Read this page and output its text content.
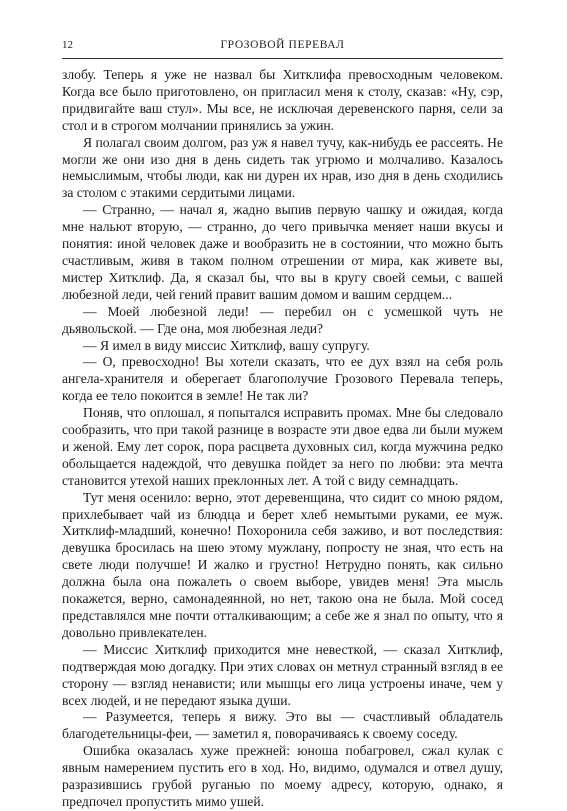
12	ГРОЗОВОЙ ПЕРЕВАЛ

злобу. Теперь я уже не назвал бы Хитклифа превосходным человеком. Когда все было приготовлено, он пригласил меня к столу, сказав: «Ну, сэр, придвигайте ваш стул». Мы все, не исключая деревенского парня, сели за стол и в строгом молчании принялись за ужин.

Я полагал своим долгом, раз уж я навел тучу, как-нибудь ее рассеять. Не могли же они изо дня в день сидеть так угрюмо и молчаливо. Казалось немыслимым, чтобы люди, как ни дурен их нрав, изо дня в день сходились за столом с этакими сердитыми лицами.

— Странно, — начал я, жадно выпив первую чашку и ожидая, когда мне нальют вторую, — странно, до чего привычка меняет наши вкусы и понятия: иной человек даже и вообразить не в состоянии, что можно быть счастливым, живя в таком полном отрешении от мира, как живете вы, мистер Хитклиф. Да, я сказал бы, что вы в кругу своей семьи, с вашей любезной леди, чей гений правит вашим домом и вашим сердцем...

— Моей любезной леди! — перебил он с усмешкой чуть не дьявольской. — Где она, моя любезная леди?

— Я имел в виду миссис Хитклиф, вашу супругу.

— О, превосходно! Вы хотели сказать, что ее дух взял на себя роль ангела-хранителя и оберегает благополучие Грозового Перевала теперь, когда ее тело покоится в земле! Не так ли?

Поняв, что оплошал, я попытался исправить промах. Мне бы следовало сообразить, что при такой разнице в возрасте эти двое едва ли были мужем и женой. Ему лет сорок, пора расцвета духовных сил, когда мужчина редко обольщается надеждой, что девушка пойдет за него по любви: эта мечта становится утехой наших преклонных лет. А той с виду семнадцать.

Тут меня осенило: верно, этот деревенщина, что сидит со мною рядом, прихлебывает чай из блюдца и берет хлеб немытыми руками, ее муж. Хитклиф-младший, конечно! Похоронила себя заживо, и вот последствия: девушка бросилась на шею этому мужлану, попросту не зная, что есть на свете люди получше! И жалко и грустно! Нетрудно понять, как сильно должна была она пожалеть о своем выборе, увидев меня! Эта мысль покажется, верно, самонадеянной, но нет, такою она не была. Мой сосед представлялся мне почти отталкивающим; а себе же я знал по опыту, что я довольно привлекателен.

— Миссис Хитклиф приходится мне невесткой, — сказал Хитклиф, подтверждая мою догадку. При этих словах он метнул странный взгляд в ее сторону — взгляд ненависти; или мышцы его лица устроены иначе, чем у всех людей, и не передают языка души.

— Разумеется, теперь я вижу. Это вы — счастливый обладатель благодетельницы-феи, — заметил я, поворачиваясь к своему соседу.

Ошибка оказалась хуже прежней: юноша побагровел, сжал кулак с явным намерением пустить его в ход. Но, видимо, одумался и отвел душу, разразившись грубой руганью по моему адресу, которую, однако, я предпочел пропустить мимо ушей.
